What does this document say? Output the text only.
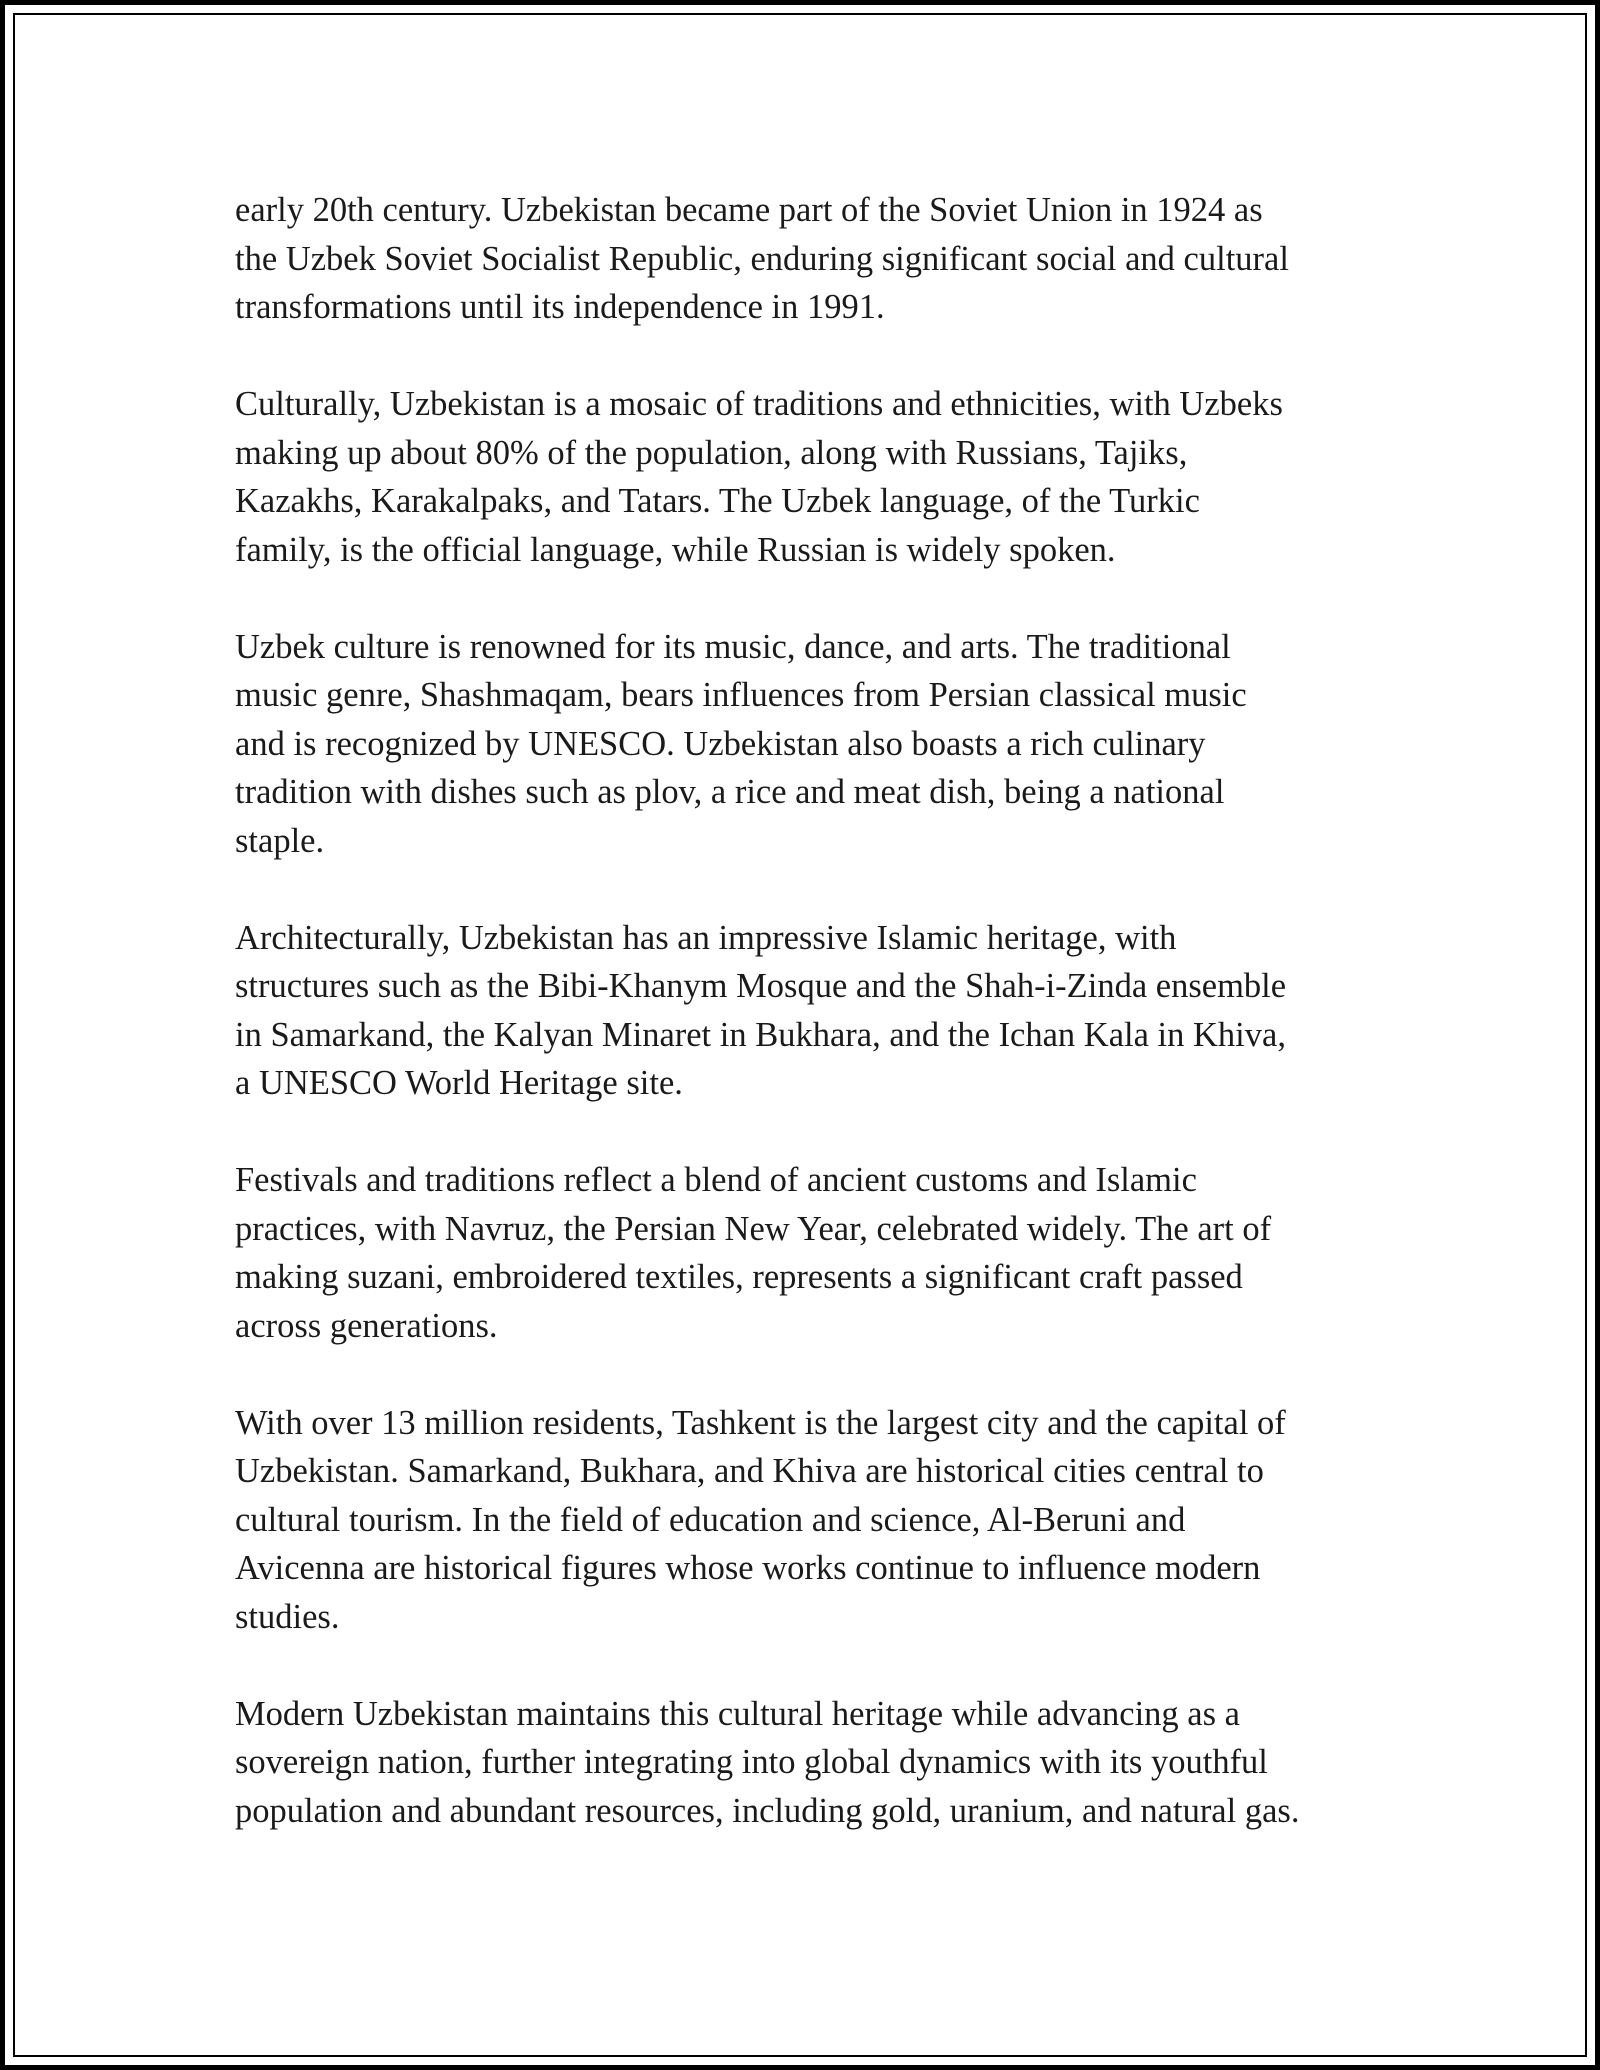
early 20th century. Uzbekistan became part of the Soviet Union in 1924 as
the Uzbek Soviet Socialist Republic, enduring significant social and cultural
transformations until its independence in 1991.

Culturally, Uzbekistan is a mosaic of traditions and ethnicities, with Uzbeks
making up about 80% of the population, along with Russians, Tajiks,
Kazakhs, Karakalpaks, and Tatars. The Uzbek language, of the Turkic
family, is the official language, while Russian is widely spoken.

Uzbek culture is renowned for its music, dance, and arts. The traditional
music genre, Shashmaqam, bears influences from Persian classical music
and is recognized by UNESCO. Uzbekistan also boasts a rich culinary
tradition with dishes such as plov, a rice and meat dish, being a national
staple.

Architecturally, Uzbekistan has an impressive Islamic heritage, with
structures such as the Bibi-Khanym Mosque and the Shah-i-Zinda ensemble
in Samarkand, the Kalyan Minaret in Bukhara, and the Ichan Kala in Khiva,
a UNESCO World Heritage site.

Festivals and traditions reflect a blend of ancient customs and Islamic
practices, with Navruz, the Persian New Year, celebrated widely. The art of
making suzani, embroidered textiles, represents a significant craft passed
across generations.

With over 13 million residents, Tashkent is the largest city and the capital of
Uzbekistan. Samarkand, Bukhara, and Khiva are historical cities central to
cultural tourism. In the field of education and science, Al-Beruni and
Avicenna are historical figures whose works continue to influence modern
studies.

Modern Uzbekistan maintains this cultural heritage while advancing as a
sovereign nation, further integrating into global dynamics with its youthful
population and abundant resources, including gold, uranium, and natural gas.
